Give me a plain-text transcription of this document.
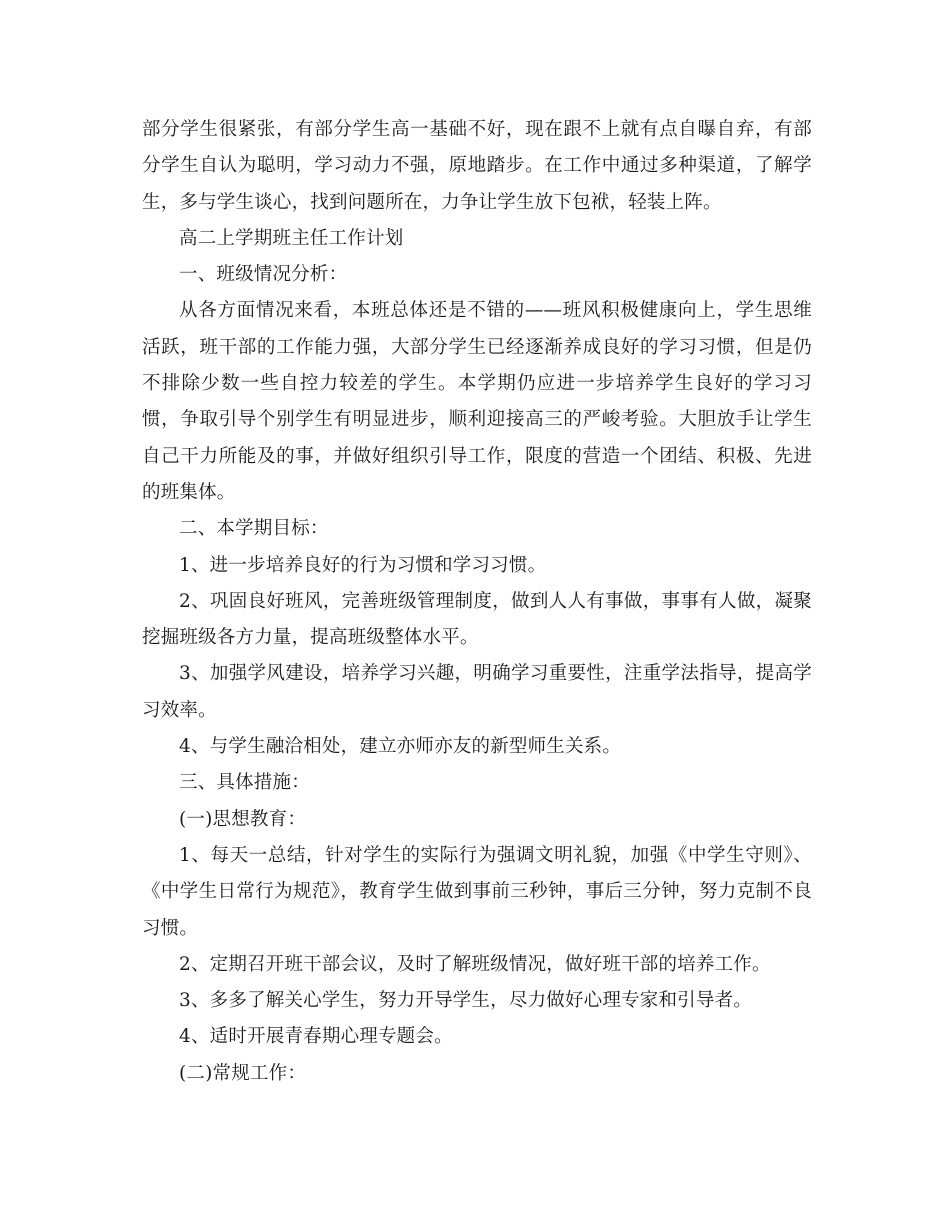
部分学生很紧张，有部分学生高一基础不好，现在跟不上就有点自曝自弃，有部分学生自认为聪明，学习动力不强，原地踏步。在工作中通过多种渠道，了解学生，多与学生谈心，找到问题所在，力争让学生放下包袱，轻装上阵。

高二上学期班主任工作计划

一、班级情况分析：

从各方面情况来看，本班总体还是不错的——班风积极健康向上，学生思维活跃，班干部的工作能力强，大部分学生已经逐渐养成良好的学习习惯，但是仍不排除少数一些自控力较差的学生。本学期仍应进一步培养学生良好的学习习惯，争取引导个别学生有明显进步，顺利迎接高三的严峻考验。大胆放手让学生自己干力所能及的事，并做好组织引导工作，限度的营造一个团结、积极、先进的班集体。

二、本学期目标：

1、进一步培养良好的行为习惯和学习习惯。

2、巩固良好班风，完善班级管理制度，做到人人有事做，事事有人做，凝聚挖掘班级各方力量，提高班级整体水平。

3、加强学风建设，培养学习兴趣，明确学习重要性，注重学法指导，提高学习效率。

4、与学生融洽相处，建立亦师亦友的新型师生关系。

三、具体措施：

(一)思想教育：

1、每天一总结，针对学生的实际行为强调文明礼貌，加强《中学生守则》、《中学生日常行为规范》，教育学生做到事前三秒钟，事后三分钟，努力克制不良习惯。

2、定期召开班干部会议，及时了解班级情况，做好班干部的培养工作。

3、多多了解关心学生，努力开导学生，尽力做好心理专家和引导者。

4、适时开展青春期心理专题会。

(二)常规工作：
